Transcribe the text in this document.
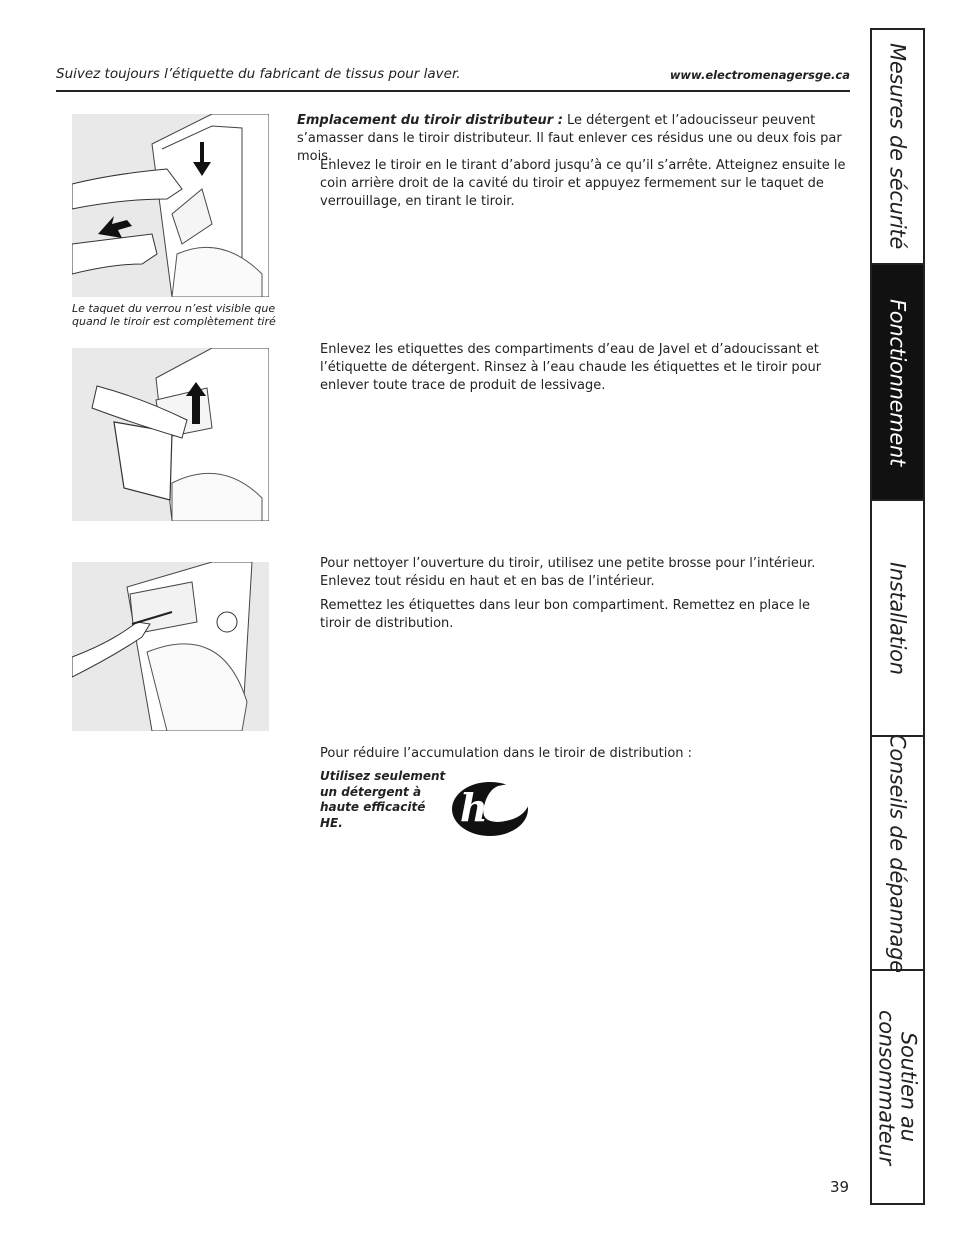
Suivez toujours l’étiquette du fabricant de tissus pour laver.	www.electromenagersge.ca
Le taquet du verrou n’est visible que quand le tiroir est complètement tiré
Emplacement du tiroir distributeur : Le détergent et l’adoucisseur peuvent s’amasser dans le tiroir distributeur. Il faut enlever ces résidus une ou deux fois par mois.
Enlevez le tiroir en le tirant d’abord jusqu’à ce qu’il s’arrête. Atteignez ensuite le coin arrière droit de la cavité du tiroir et appuyez fermement sur le taquet de verrouillage, en tirant le tiroir.
Enlevez les etiquettes des compartiments d’eau de Javel et d’adoucissant et l’étiquette de détergent. Rinsez à l’eau chaude les étiquettes et le tiroir pour enlever toute trace de produit de lessivage.
Pour nettoyer l’ouverture du tiroir, utilisez une petite brosse pour l’intérieur. Enlevez tout résidu en haut et en bas de l’intérieur.
Remettez les étiquettes dans leur bon compartiment. Remettez en place le tiroir de distribution.
Pour réduire l’accumulation dans le tiroir de distribution :
Utilisez seulement un détergent à haute efficacité HE.	he
39
Mesures de sécurité
Fonctionnement
Installation
Conseils de dépannage
Soutien au consommateur
